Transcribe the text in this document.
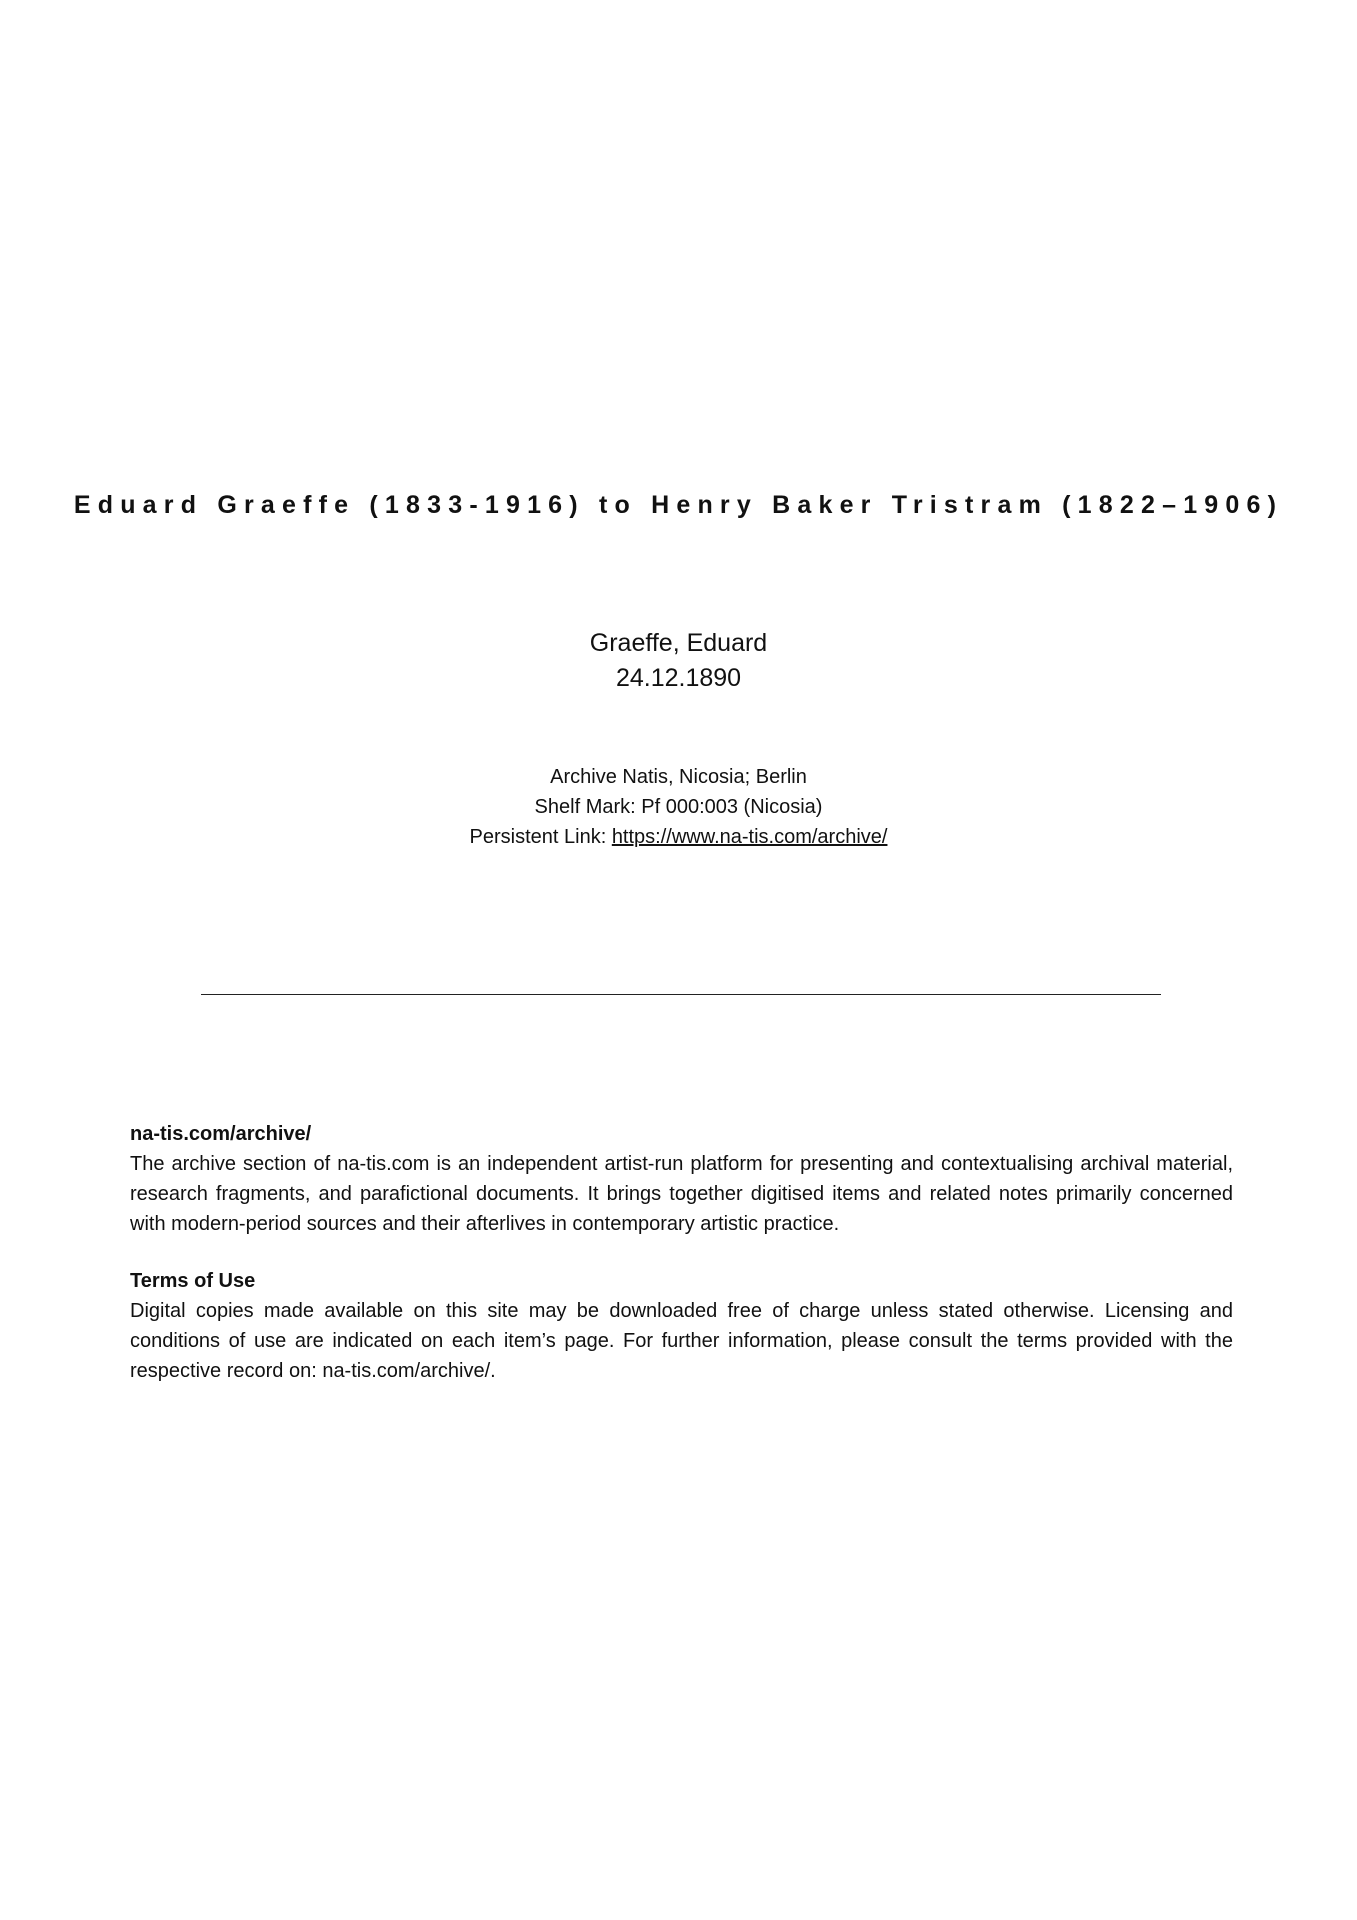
Eduard Graeffe (1833-1916) to Henry Baker Tristram (1822–1906)
Graeffe, Eduard
24.12.1890
Archive Natis, Nicosia; Berlin
Shelf Mark: Pf 000:003 (Nicosia)
Persistent Link: https://www.na-tis.com/archive/
na-tis.com/archive/
The archive section of na-tis.com is an independent artist-run platform for presenting and contextualising archival material, research fragments, and parafictional documents. It brings together digitised items and related notes primarily concerned with modern-period sources and their afterlives in contemporary artistic practice.
Terms of Use
Digital copies made available on this site may be downloaded free of charge unless stated otherwise. Licensing and conditions of use are indicated on each item’s page. For further information, please consult the terms provided with the respective record on: na-tis.com/archive/.
